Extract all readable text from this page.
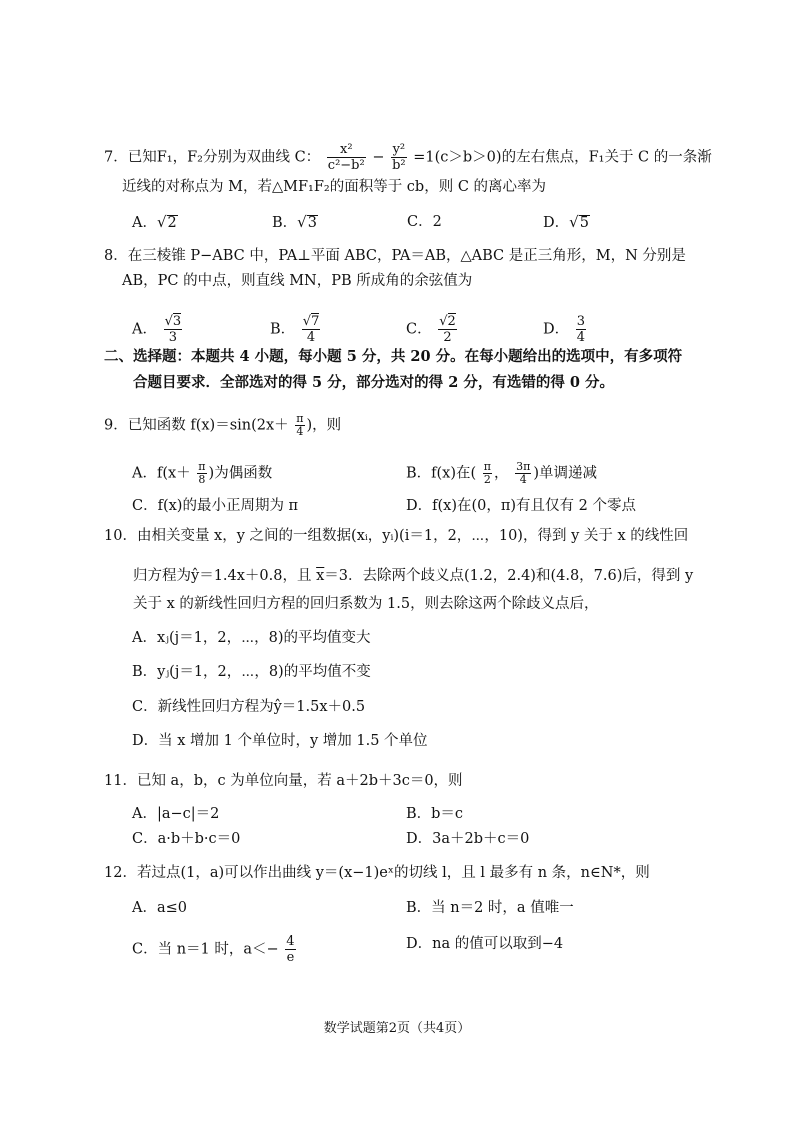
7．已知F₁，F₂分别为双曲线 C： $\frac{\text{x²}}{\text{c²−b²}} - \frac{\text{y²}}{\text{b²}} =1(c>b>0)$的左右焦点，F₁关于 C 的一条渐
近线的对称点为 M，若△MF₁F₂的面积等于 cb，则 C 的离心率为
A．√2	B．√3	C．2	D．√5
8．在三棱锥 P−ABC 中，PA⊥平面 ABC，PA＝AB，△ABC 是正三角形，M，N 分别是
AB，PC 的中点，则直线 MN，PB 所成角的余弦值为
A． $\frac{√3}{3}$	B． $\frac{√7}{4}$	C． $\frac{√2}{2}$	D． $\frac{3}{4}$
二、选择题：本题共 4 小题，每小题 5 分，共 20 分。在每小题给出的选项中，有多项符
合题目要求．全部选对的得 5 分，部分选对的得 2 分，有选错的得 0 分。
9．已知函数 $f(x)=\sin(2x+ \frac{\pi}{4}$ )，则
A．$f(x+ \frac{\pi}{8}$ )为偶函数	B．f(x)在( $\frac{\pi}{2}$ ， $\frac{3\pi}{4}$ )单调递减
C．f(x)的最小正周期为 π	D．f(x)在(0，π)有且仅有 2 个零点
10．由相关变量 x，y 之间的一组数据(xᵢ，yᵢ)(i＝1，2，⋯，10)，得到 y 关于 x 的线性回
归方程为ŷ＝1.4x＋0.8，且 $\overline{x}=3$．去除两个歧义点(1.2，2.4)和(4.8，7.6)后，得到 y
关于 x 的新线性回归方程的回归系数为 1.5，则去除这两个除歧义点后，
A．xⱼ(j＝1，2，⋯，8)的平均值变大
B．yⱼ(j＝1，2，⋯，8)的平均值不变
C．新线性回归方程为ŷ＝1.5x＋0.5
D．当 x 增加 1 个单位时，y 增加 1.5 个单位
11．已知 a，b，c 为单位向量，若 a＋2b＋3c＝0，则
A．|a−c|＝2	B．b＝c
C．a·b＋b·c＝0	D．3a＋2b＋c＝0
12．若过点(1，a)可以作出曲线 y＝(x−1)eˣ的切线 l，且 l 最多有 n 条，n∈N*，则
A．a≤0	B．当 n＝2 时，a 值唯一
C．当 n＝1 时，$a<- \frac{4}{e}$	D．na 的值可以取到−4
数学试题第2页（共4页）
